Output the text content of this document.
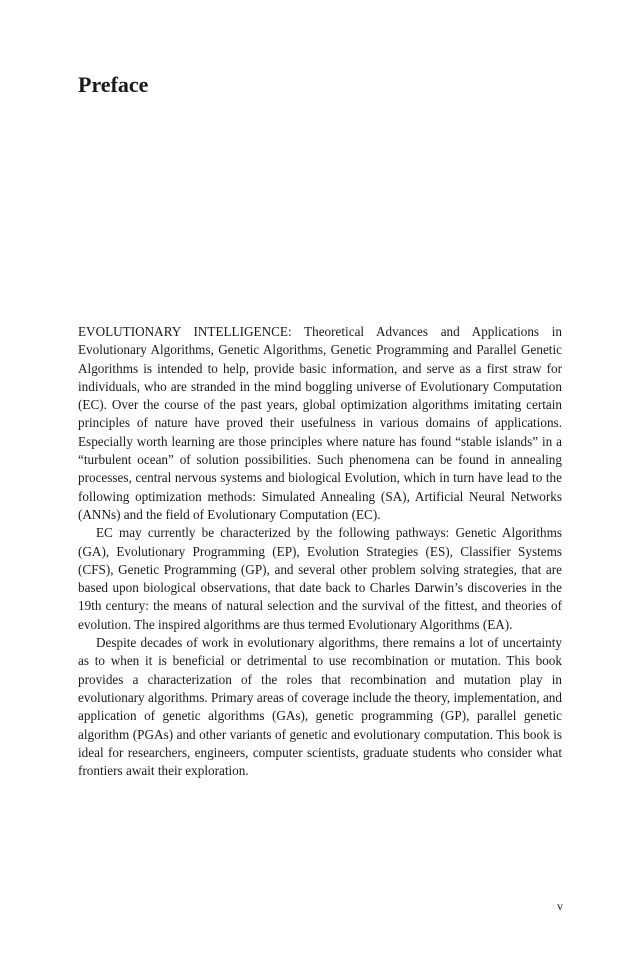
Preface

EVOLUTIONARY INTELLIGENCE: Theoretical Advances and Applications in Evolutionary Algorithms, Genetic Algorithms, Genetic Programming and Parallel Genetic Algorithms is intended to help, provide basic information, and serve as a first straw for individuals, who are stranded in the mind boggling universe of Evolutionary Computation (EC). Over the course of the past years, global optimization algorithms imitating certain principles of nature have proved their usefulness in various domains of applications. Especially worth learning are those principles where nature has found “stable islands” in a “turbulent ocean” of solution possibilities. Such phenomena can be found in annealing processes, central nervous systems and biological Evolution, which in turn have lead to the following optimization methods: Simulated Annealing (SA), Artificial Neural Networks (ANNs) and the field of Evolutionary Computation (EC).

EC may currently be characterized by the following pathways: Genetic Algorithms (GA), Evolutionary Programming (EP), Evolution Strategies (ES), Classifier Systems (CFS), Genetic Programming (GP), and several other problem solving strategies, that are based upon biological observations, that date back to Charles Darwin’s discoveries in the 19th century: the means of natural selection and the survival of the fittest, and theories of evolution. The inspired algorithms are thus termed Evolutionary Algorithms (EA).

Despite decades of work in evolutionary algorithms, there remains a lot of uncertainty as to when it is beneficial or detrimental to use recombination or mutation. This book provides a characterization of the roles that recombination and mutation play in evolutionary algorithms. Primary areas of coverage include the theory, implementation, and application of genetic algorithms (GAs), genetic programming (GP), parallel genetic algorithm (PGAs) and other variants of genetic and evolutionary computation. This book is ideal for researchers, engineers, computer scientists, graduate students who consider what frontiers await their exploration.

v
